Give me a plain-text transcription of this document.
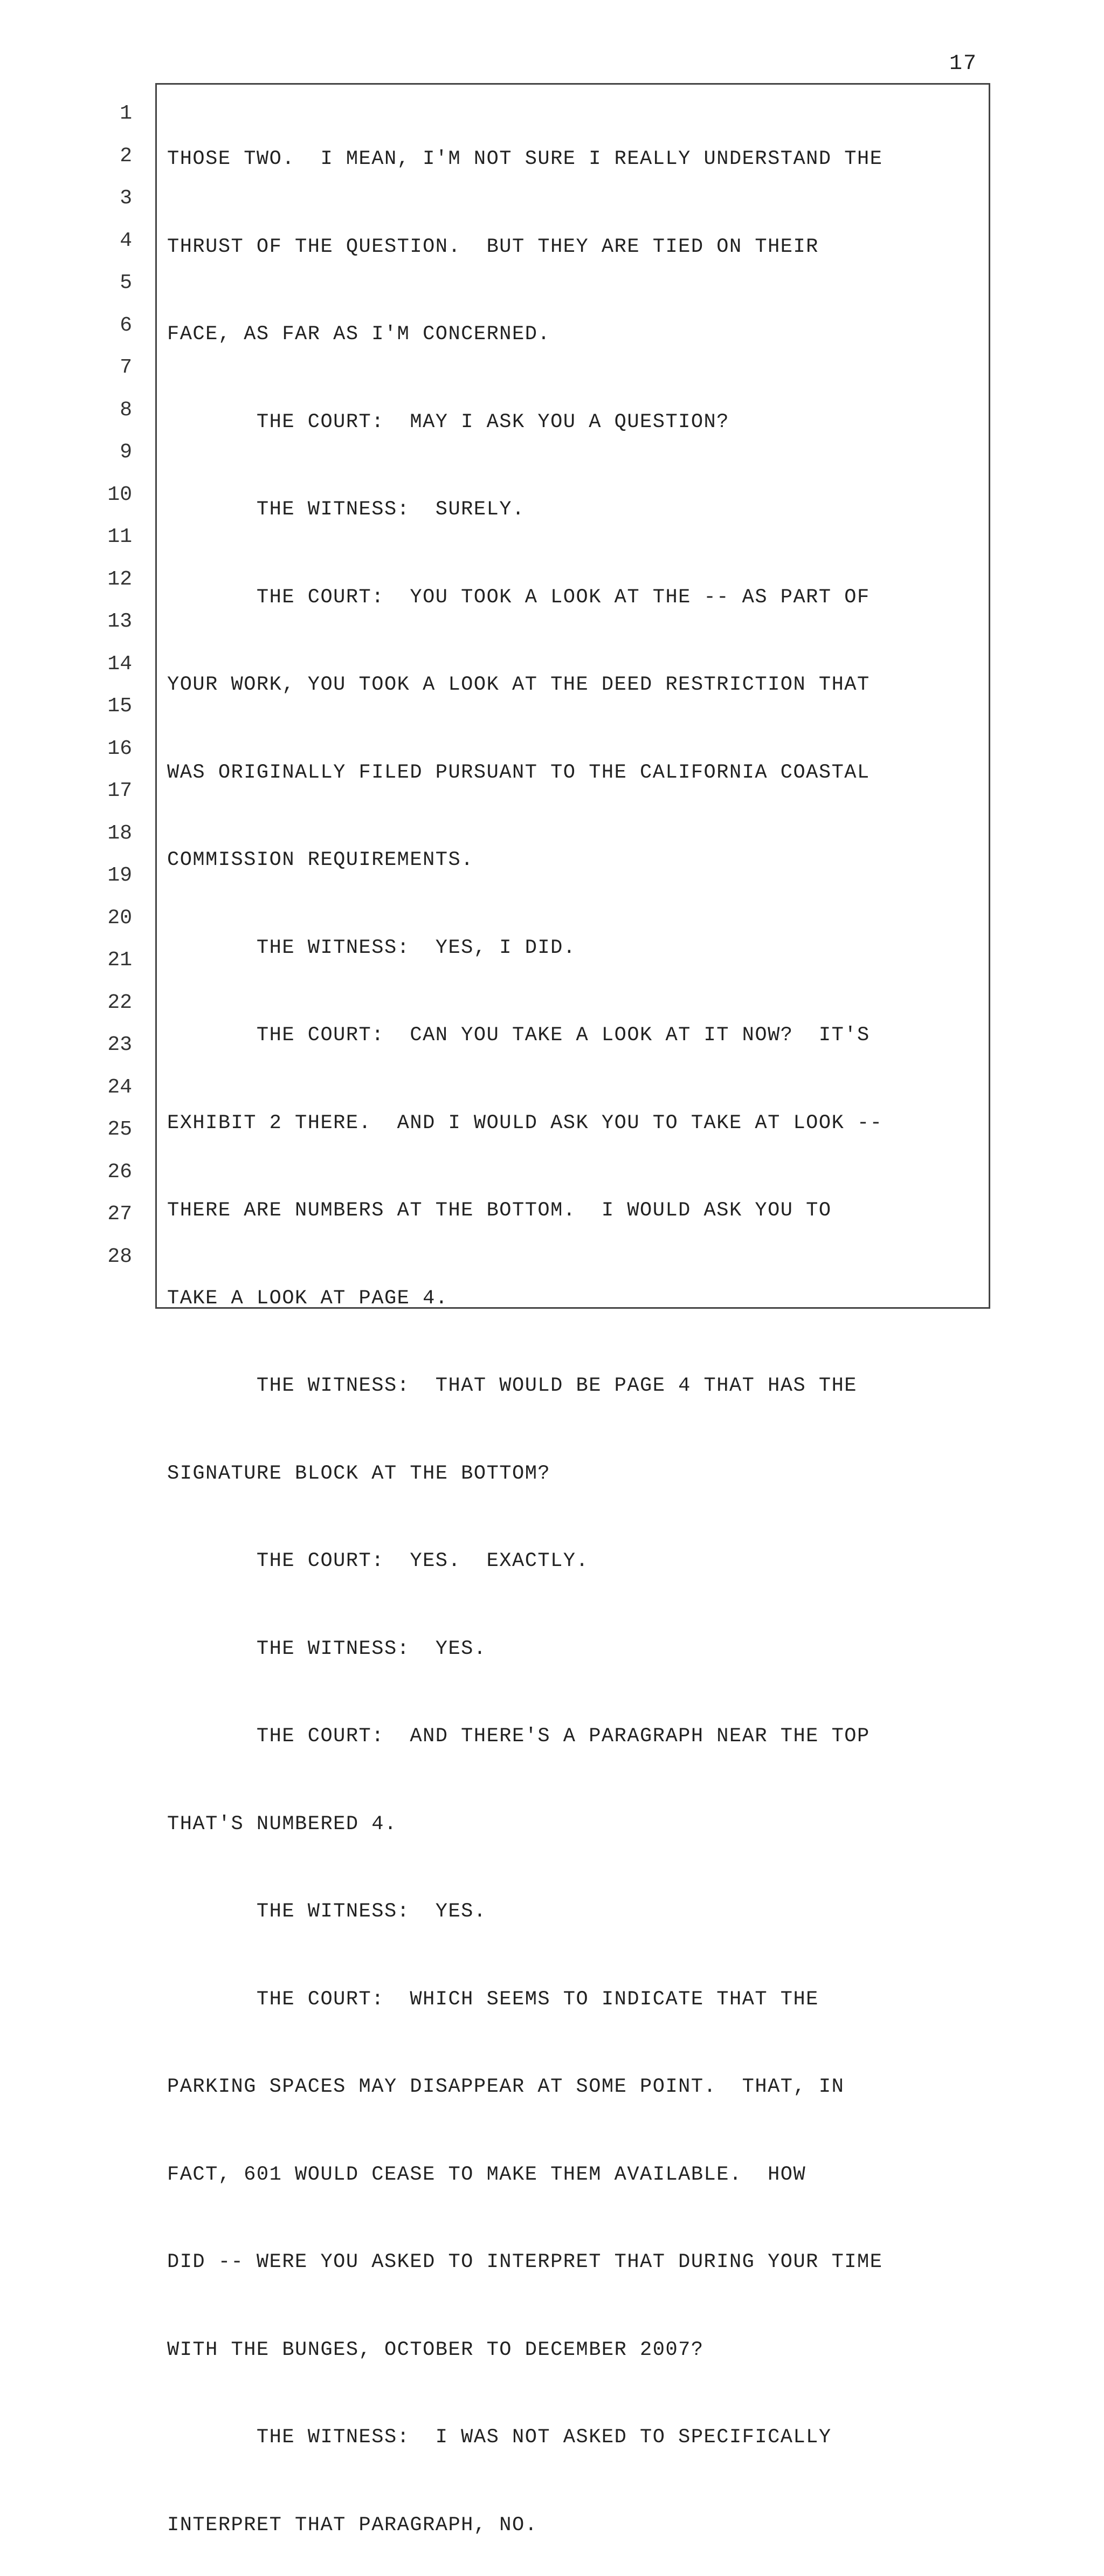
17
1
2
3
4
5
6
7
8
9
10
11
12
13
14
15
16
17
18
19
20
21
22
23
24
25
26
27
28

THOSE TWO.  I MEAN, I'M NOT SURE I REALLY UNDERSTAND THE

THRUST OF THE QUESTION.  BUT THEY ARE TIED ON THEIR

FACE, AS FAR AS I'M CONCERNED.

THE COURT:  MAY I ASK YOU A QUESTION?

THE WITNESS:  SURELY.

THE COURT:  YOU TOOK A LOOK AT THE -- AS PART OF

YOUR WORK, YOU TOOK A LOOK AT THE DEED RESTRICTION THAT

WAS ORIGINALLY FILED PURSUANT TO THE CALIFORNIA COASTAL

COMMISSION REQUIREMENTS.

THE WITNESS:  YES, I DID.

THE COURT:  CAN YOU TAKE A LOOK AT IT NOW?  IT'S

EXHIBIT 2 THERE.  AND I WOULD ASK YOU TO TAKE AT LOOK --

THERE ARE NUMBERS AT THE BOTTOM.  I WOULD ASK YOU TO

TAKE A LOOK AT PAGE 4.

THE WITNESS:  THAT WOULD BE PAGE 4 THAT HAS THE

SIGNATURE BLOCK AT THE BOTTOM?

THE COURT:  YES.  EXACTLY.

THE WITNESS:  YES.

THE COURT:  AND THERE'S A PARAGRAPH NEAR THE TOP

THAT'S NUMBERED 4.

THE WITNESS:  YES.

THE COURT:  WHICH SEEMS TO INDICATE THAT THE

PARKING SPACES MAY DISAPPEAR AT SOME POINT.  THAT, IN

FACT, 601 WOULD CEASE TO MAKE THEM AVAILABLE.  HOW

DID -- WERE YOU ASKED TO INTERPRET THAT DURING YOUR TIME

WITH THE BUNGES, OCTOBER TO DECEMBER 2007?

THE WITNESS:  I WAS NOT ASKED TO SPECIFICALLY

INTERPRET THAT PARAGRAPH, NO.
